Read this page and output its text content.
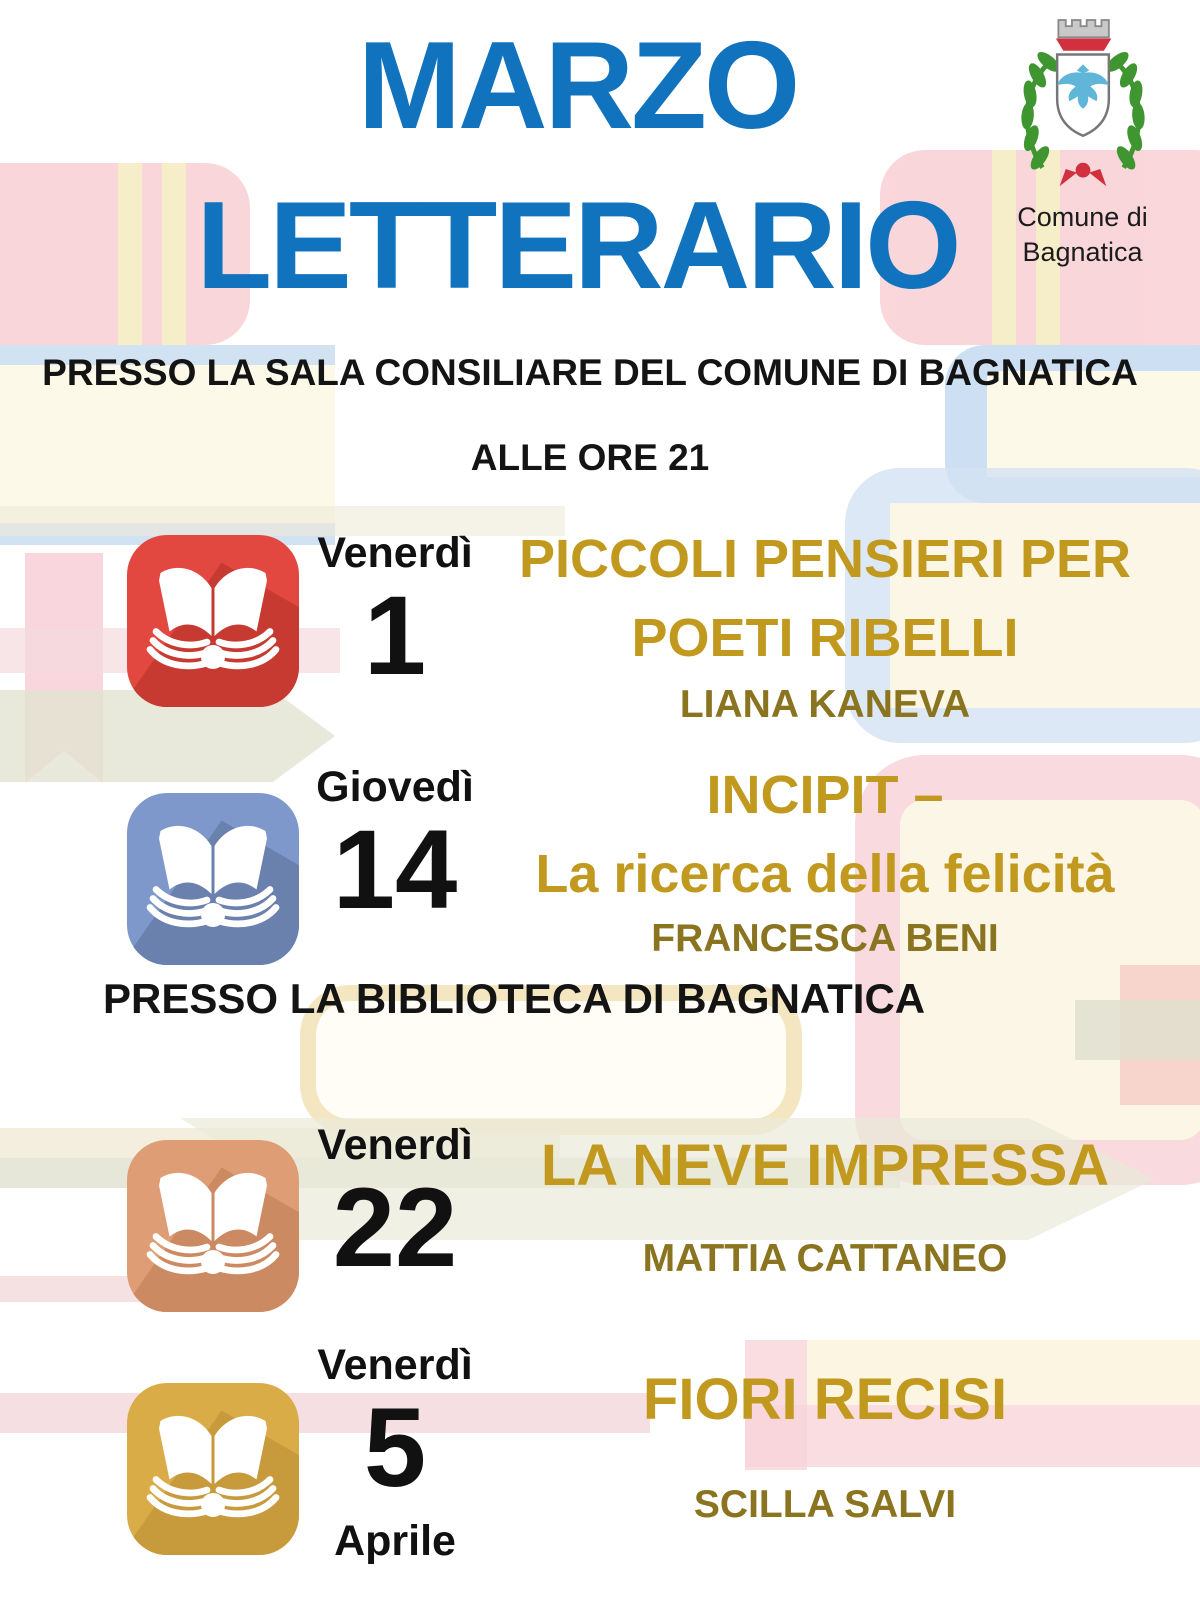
MARZO
LETTERARIO	Comune di
Bagnatica
PRESSO LA SALA CONSILIARE DEL COMUNE DI BAGNATICA
ALLE ORE 21
Venerdì
1
PICCOLI PENSIERI PER
POETI RIBELLI
LIANA KANEVA
Giovedì
14
INCIPIT –
La ricerca della felicità
FRANCESCA BENI
PRESSO LA BIBLIOTECA DI BAGNATICA
Venerdì
22	LA NEVE IMPRESSA
MATTIA CATTANEO
Venerdì
5
Aprile
FIORI RECISI
SCILLA SALVI
